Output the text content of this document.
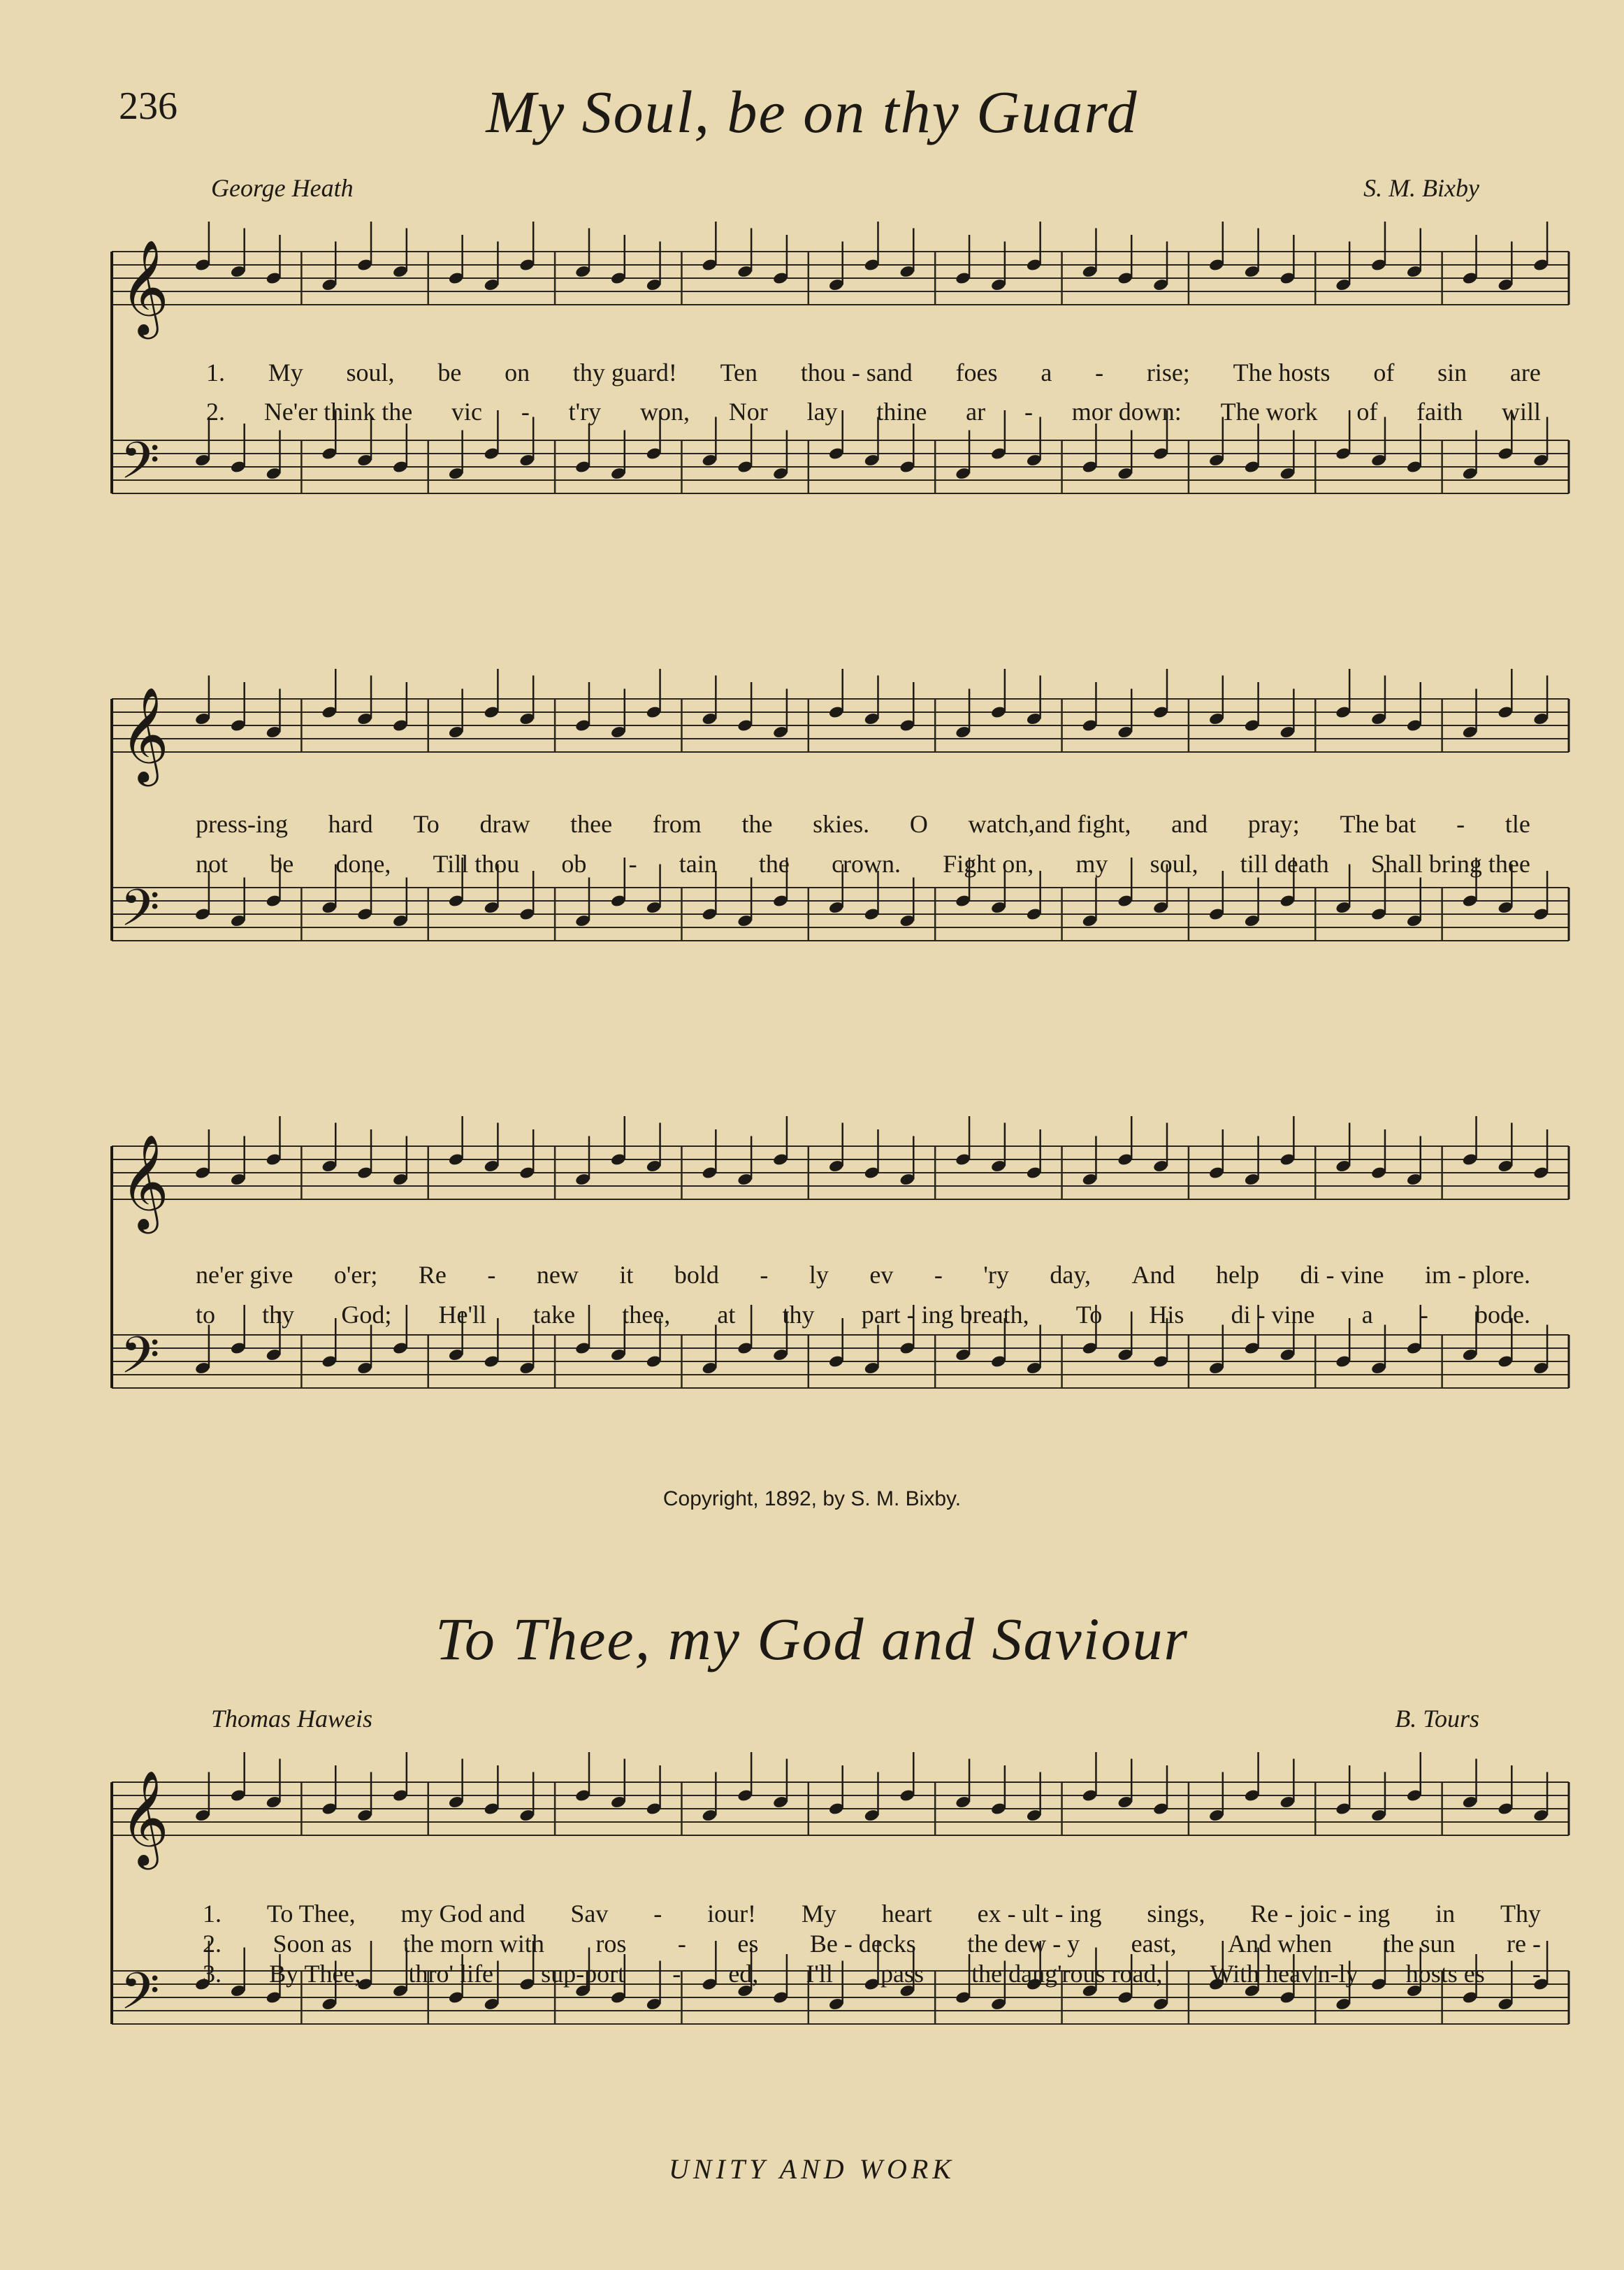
236	My Soul, be on thy Guard
George Heath	S. M. Bixby
𝄞
𝄢
1. My soul, be on thy guard! Ten thou - sand foes a - rise; The hosts of sin are
2. Ne'er think the vic - t'ry won, Nor lay thine ar - mor down: The work of faith will
𝄞
𝄢
press-ing hard To draw thee from the skies. O watch,and fight, and pray; The bat - tle
not be done, Till thou ob - tain the crown. Fight on, my soul, till death Shall bring thee
𝄞
𝄢
ne'er give o'er; Re - new it bold - ly ev - 'ry day, And help di - vine im - plore.
to thy God; He'll take thee, at thy part - ing breath, To His di - vine a - bode.
Copyright, 1892, by S. M. Bixby.
To Thee, my God and Saviour
Thomas Haweis	B. Tours
𝄞
𝄢
1. To Thee, my God and Sav - iour! My heart ex - ult - ing sings, Re - joic - ing in Thy
2. Soon as the morn with ros - es Be - decks the dew - y east, And when the sun re -
3. By Thee, thro' life sup-port - ed, I'll pass the dang'rous road, With heav'n-ly hosts es -
UNITY AND WORK
